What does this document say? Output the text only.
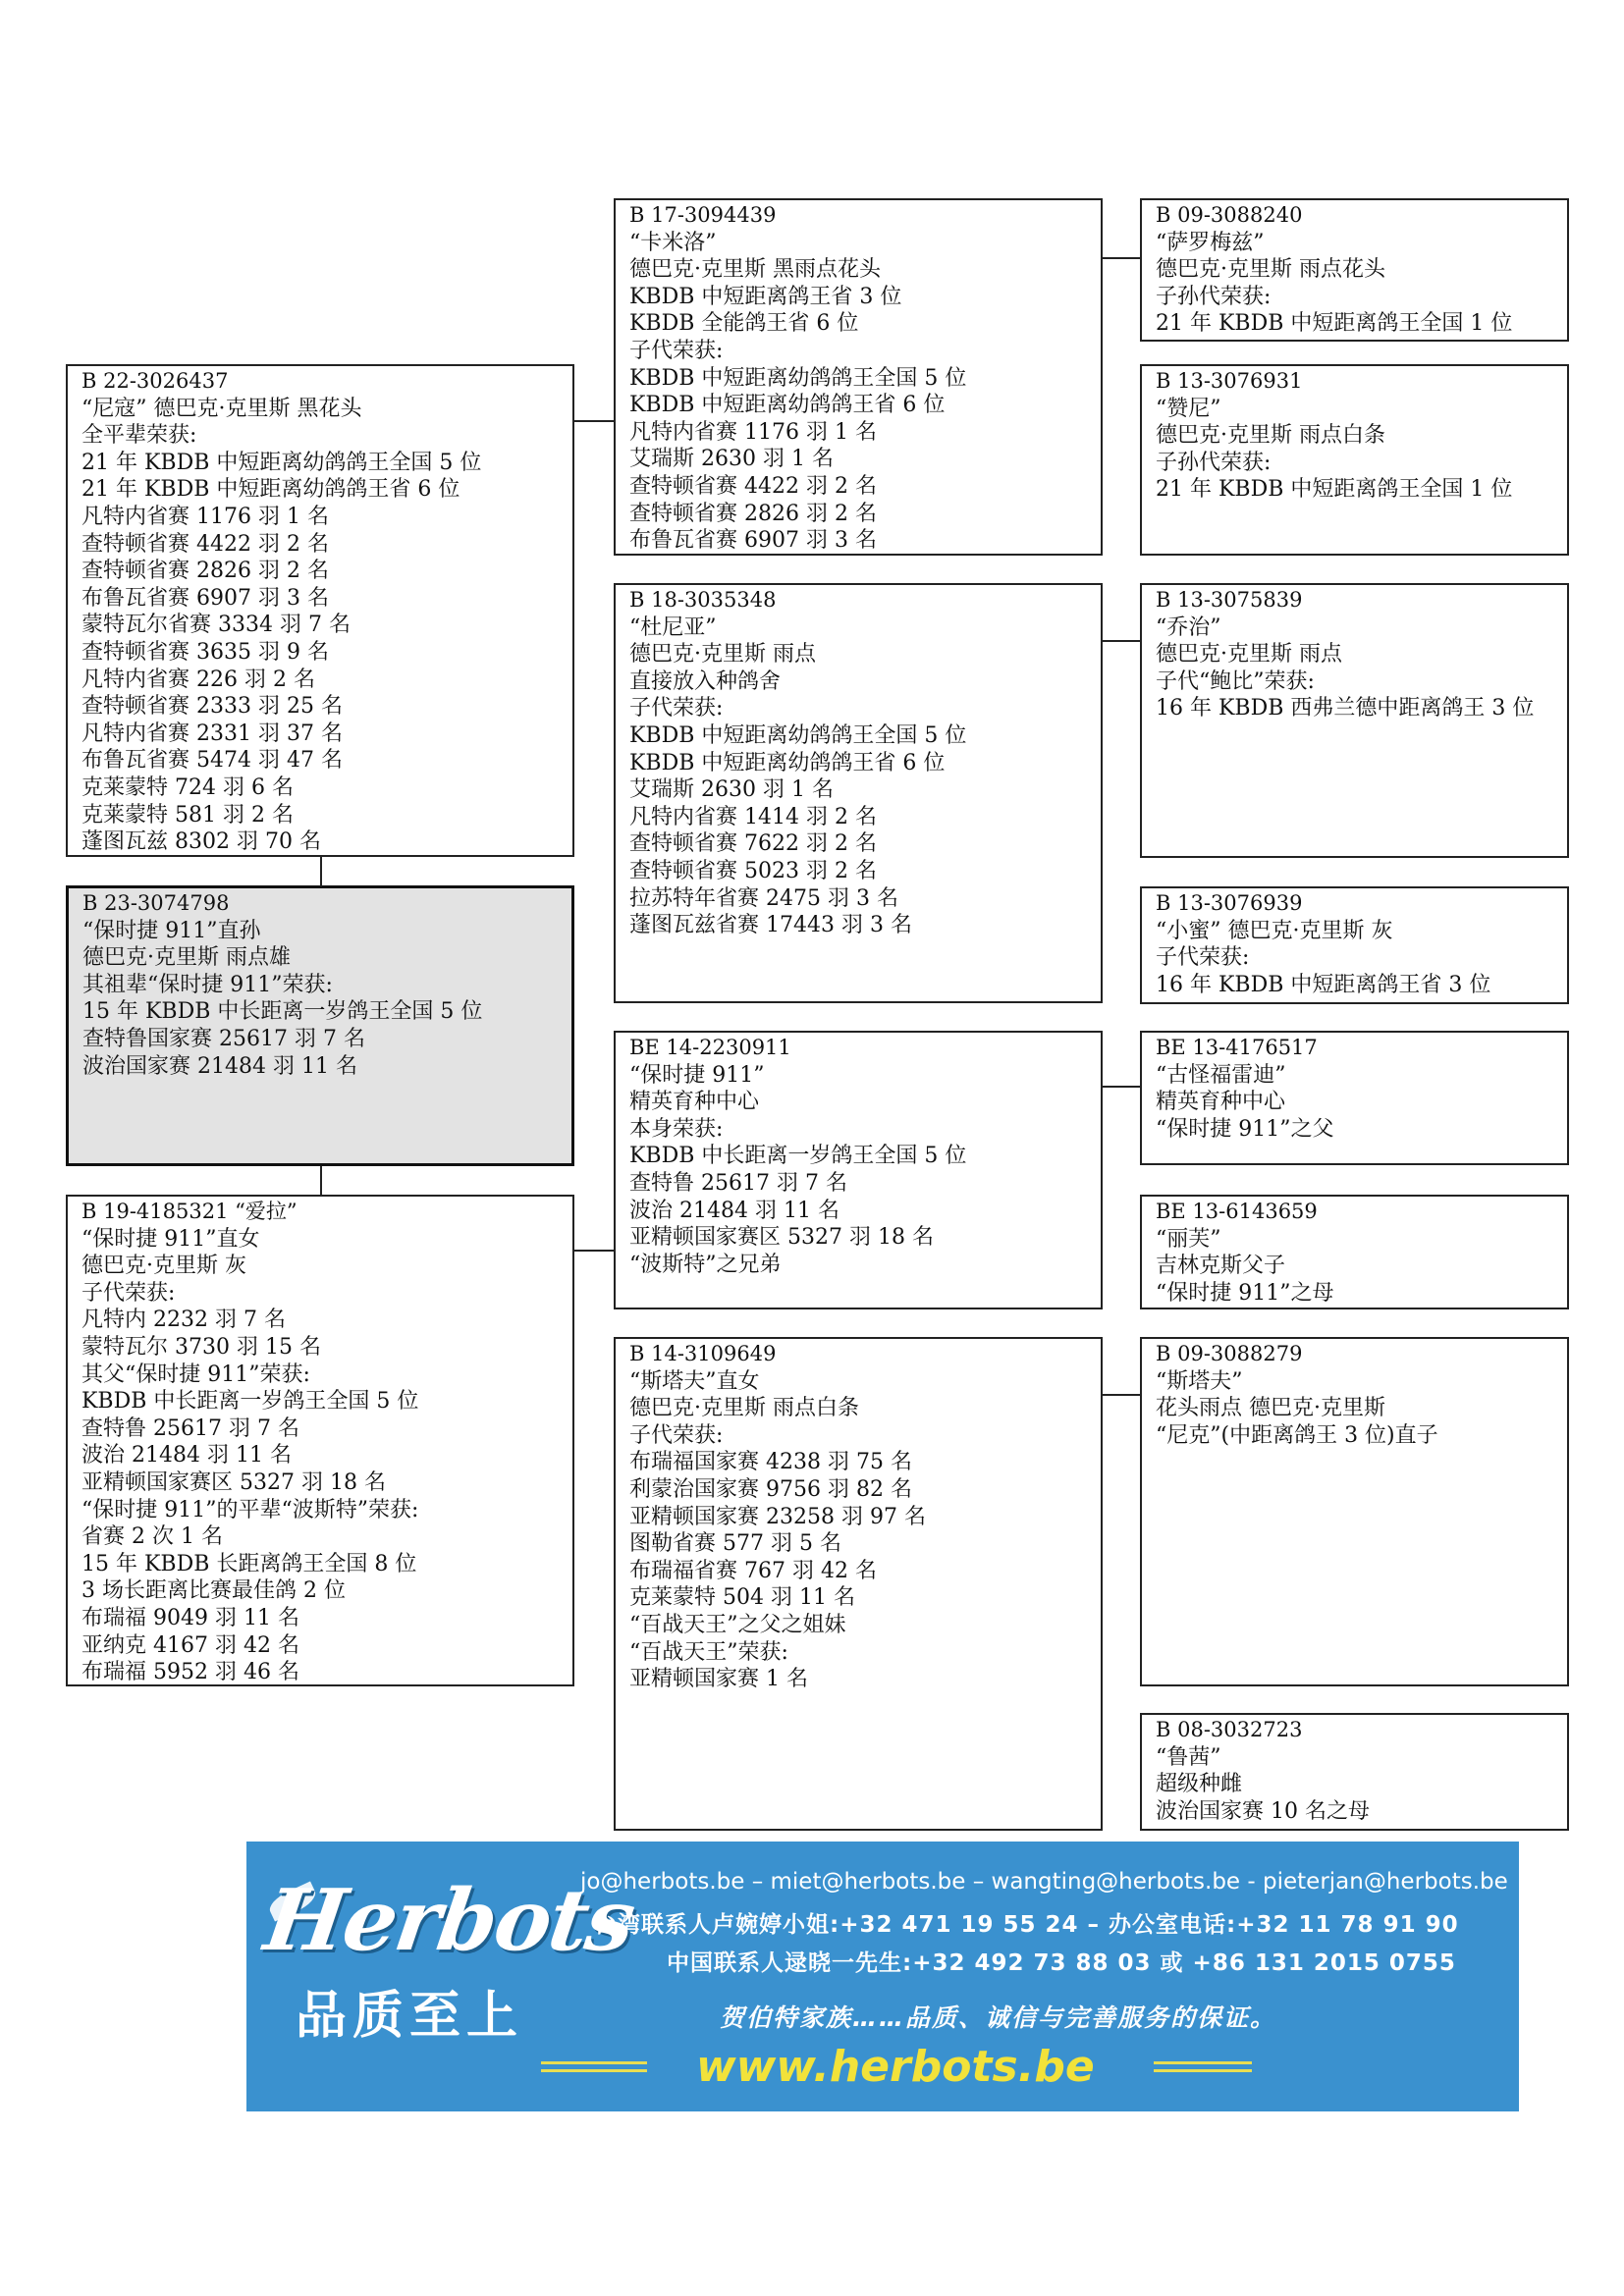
B 22-3026437
“尼寇” 德巴克·克里斯 黑花头
全平辈荣获:
21 年 KBDB 中短距离幼鸽鸽王全国 5 位
21 年 KBDB 中短距离幼鸽鸽王省 6 位
凡特内省赛 1176 羽 1 名
查特顿省赛 4422 羽 2 名
查特顿省赛 2826 羽 2 名
布鲁瓦省赛 6907 羽 3 名
蒙特瓦尔省赛 3334 羽 7 名
查特顿省赛 3635 羽 9 名
凡特内省赛 226 羽 2 名
查特顿省赛 2333 羽 25 名
凡特内省赛 2331 羽 37 名
布鲁瓦省赛 5474 羽 47 名
克莱蒙特 724 羽 6 名
克莱蒙特 581 羽 2 名
蓬图瓦兹 8302 羽 70 名
B 23-3074798
“保时捷 911”直孙
德巴克·克里斯 雨点雄
其祖辈“保时捷 911”荣获:
15 年 KBDB 中长距离一岁鸽王全国 5 位
查特鲁国家赛 25617 羽 7 名
波治国家赛 21484 羽 11 名
B 19-4185321 “爱拉”
“保时捷 911”直女
德巴克·克里斯 灰
子代荣获:
凡特内 2232 羽 7 名
蒙特瓦尔 3730 羽 15 名
其父“保时捷 911”荣获:
KBDB 中长距离一岁鸽王全国 5 位
查特鲁 25617 羽 7 名
波治 21484 羽 11 名
亚精顿国家赛区 5327 羽 18 名
“保时捷 911”的平辈“波斯特”荣获:
省赛 2 次 1 名
15 年 KBDB 长距离鸽王全国 8 位
3 场长距离比赛最佳鸽 2 位
布瑞福 9049 羽 11 名
亚纳克 4167 羽 42 名
布瑞福 5952 羽 46 名
B 17-3094439
“卡米洛”
德巴克·克里斯 黑雨点花头
KBDB 中短距离鸽王省 3 位
KBDB 全能鸽王省 6 位
子代荣获:
KBDB 中短距离幼鸽鸽王全国 5 位
KBDB 中短距离幼鸽鸽王省 6 位
凡特内省赛 1176 羽 1 名
艾瑞斯 2630 羽 1 名
查特顿省赛 4422 羽 2 名
查特顿省赛 2826 羽 2 名
布鲁瓦省赛 6907 羽 3 名
B 18-3035348
“杜尼亚”
德巴克·克里斯 雨点
直接放入种鸽舍
子代荣获:
KBDB 中短距离幼鸽鸽王全国 5 位
KBDB 中短距离幼鸽鸽王省 6 位
艾瑞斯 2630 羽 1 名
凡特内省赛 1414 羽 2 名
查特顿省赛 7622 羽 2 名
查特顿省赛 5023 羽 2 名
拉苏特年省赛 2475 羽 3 名
蓬图瓦兹省赛 17443 羽 3 名
BE 14-2230911
“保时捷 911”
精英育种中心
本身荣获:
KBDB 中长距离一岁鸽王全国 5 位
查特鲁 25617 羽 7 名
波治 21484 羽 11 名
亚精顿国家赛区 5327 羽 18 名
“波斯特”之兄弟
B 14-3109649
“斯塔夫”直女
德巴克·克里斯 雨点白条
子代荣获:
布瑞福国家赛 4238 羽 75 名
利蒙治国家赛 9756 羽 82 名
亚精顿国家赛 23258 羽 97 名
图勒省赛 577 羽 5 名
布瑞福省赛 767 羽 42 名
克莱蒙特 504 羽 11 名
“百战天王”之父之姐妹
“百战天王”荣获:
亚精顿国家赛 1 名
B 09-3088240
“萨罗梅兹”
德巴克·克里斯 雨点花头
子孙代荣获:
21 年 KBDB 中短距离鸽王全国 1 位
B 13-3076931
“赞尼”
德巴克·克里斯 雨点白条
子孙代荣获:
21 年 KBDB 中短距离鸽王全国 1 位
B 13-3075839
“乔治”
德巴克·克里斯 雨点
子代“鲍比”荣获:
16 年 KBDB 西弗兰德中距离鸽王 3 位
B 13-3076939
“小蜜” 德巴克·克里斯 灰
子代荣获:
16 年 KBDB 中短距离鸽王省 3 位
BE 13-4176517
“古怪福雷迪”
精英育种中心
“保时捷 911”之父
BE 13-6143659
“丽芙”
吉林克斯父子
“保时捷 911”之母
B 09-3088279
“斯塔夫”
花头雨点 德巴克·克里斯
“尼克”(中距离鸽王 3 位)直子
B 08-3032723
“鲁茜”
超级种雌
波治国家赛 10 名之母
Herbots
品质至上
jo@herbots.be – miet@herbots.be – wangting@herbots.be - pieterjan@herbots.be
台湾联系人卢婉婷小姐:+32 471 19 55 24 – 办公室电话:+32 11 78 91 90
中国联系人逯晓一先生:+32 492 73 88 03 或 +86 131 2015 0755
贺伯特家族……品质、诚信与完善服务的保证。
www.herbots.be
